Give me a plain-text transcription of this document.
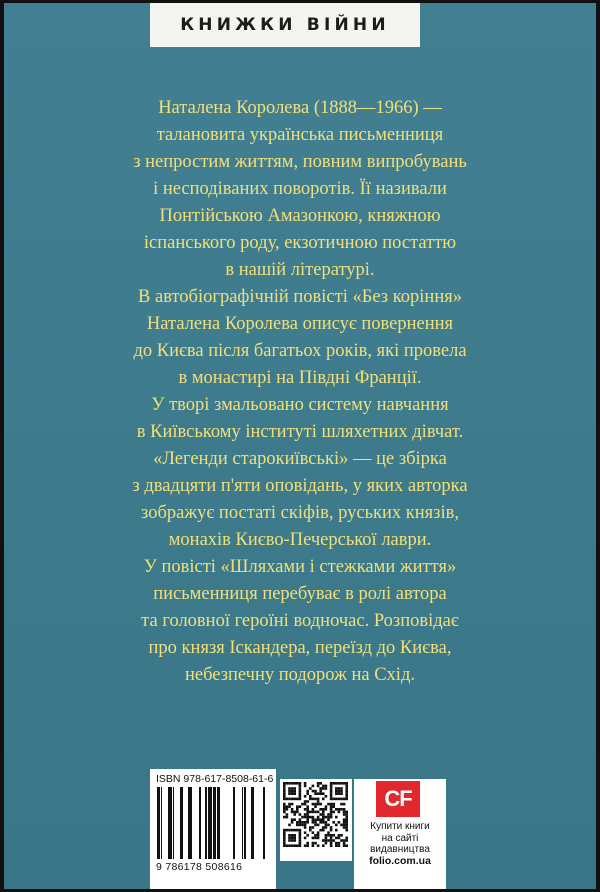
КНИЖКИ ВІЙНИ
Наталена Королева (1888—1966) —
талановита українська письменниця
з непростим життям, повним випробувань
і несподіваних поворотів. Її називали
Понтійською Амазонкою, княжною
іспанського роду, екзотичною постаттю
в нашій літературі.
В автобіографічній повісті «Без коріння»
Наталена Королева описує повернення
до Києва після багатьох років, які провела
в монастирі на Півдні Франції.
У творі змальовано систему навчання
в Київському інституті шляхетних дівчат.
«Легенди старокиївські» — це збірка
з двадцяти п'яти оповідань, у яких авторка
зображує постаті скіфів, руських князів,
монахів Києво-Печерської лаври.
У повісті «Шляхами і стежками життя»
письменниця перебуває в ролі автора
та головної героїні водночас. Розповідає
про князя Іскандера, переїзд до Києва,
небезпечну подорож на Схід.
ISBN 978-617-8508-61-6
9 786178 508616
CF
Купити книги
на сайті
видавництва
folio.com.ua
